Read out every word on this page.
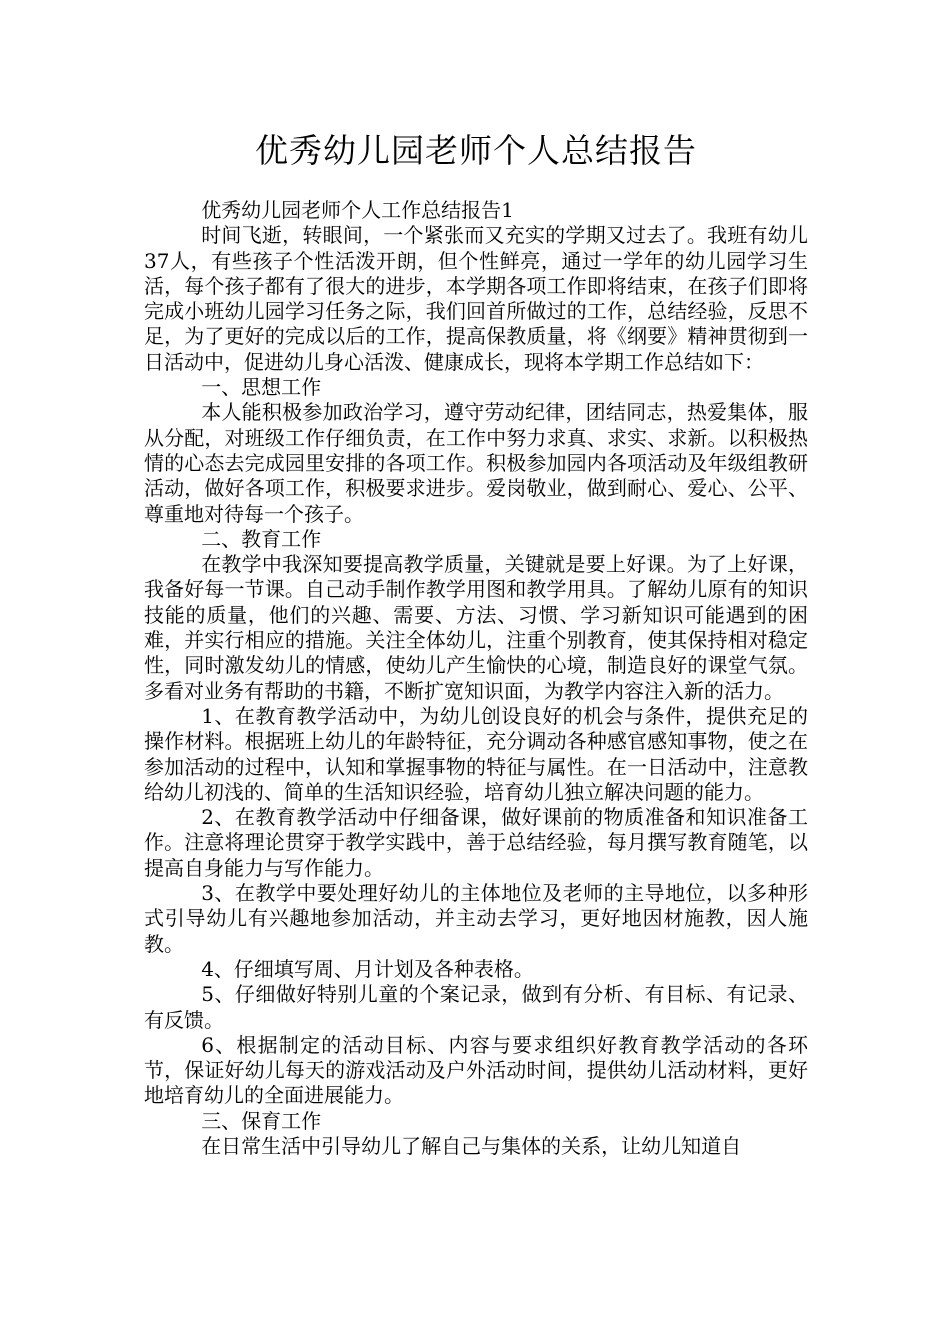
优秀幼儿园老师个人总结报告

优秀幼儿园老师个人工作总结报告1

时间飞逝，转眼间，一个紧张而又充实的学期又过去了。我班有幼儿37人，有些孩子个性活泼开朗，但个性鲜亮，通过一学年的幼儿园学习生活，每个孩子都有了很大的进步，本学期各项工作即将结束，在孩子们即将完成小班幼儿园学习任务之际，我们回首所做过的工作，总结经验，反思不足，为了更好的完成以后的工作，提高保教质量，将《纲要》精神贯彻到一日活动中，促进幼儿身心活泼、健康成长，现将本学期工作总结如下：

一、思想工作

本人能积极参加政治学习，遵守劳动纪律，团结同志，热爱集体，服从分配，对班级工作仔细负责，在工作中努力求真、求实、求新。以积极热情的心态去完成园里安排的各项工作。积极参加园内各项活动及年级组教研活动，做好各项工作，积极要求进步。爱岗敬业，做到耐心、爱心、公平、尊重地对待每一个孩子。

二、教育工作

在教学中我深知要提高教学质量，关键就是要上好课。为了上好课，我备好每一节课。自己动手制作教学用图和教学用具。了解幼儿原有的知识技能的质量，他们的兴趣、需要、方法、习惯、学习新知识可能遇到的困难，并实行相应的措施。关注全体幼儿，注重个别教育，使其保持相对稳定性，同时激发幼儿的情感，使幼儿产生愉快的心境，制造良好的课堂气氛。多看对业务有帮助的书籍，不断扩宽知识面，为教学内容注入新的活力。

1、在教育教学活动中，为幼儿创设良好的机会与条件，提供充足的操作材料。根据班上幼儿的年龄特征，充分调动各种感官感知事物，使之在参加活动的过程中，认知和掌握事物的特征与属性。在一日活动中，注意教给幼儿初浅的、简单的生活知识经验，培育幼儿独立解决问题的能力。

2、在教育教学活动中仔细备课，做好课前的物质准备和知识准备工作。注意将理论贯穿于教学实践中，善于总结经验，每月撰写教育随笔，以提高自身能力与写作能力。

3、在教学中要处理好幼儿的主体地位及老师的主导地位，以多种形式引导幼儿有兴趣地参加活动，并主动去学习，更好地因材施教，因人施教。

4、仔细填写周、月计划及各种表格。

5、仔细做好特别儿童的个案记录，做到有分析、有目标、有记录、有反馈。

6、根据制定的活动目标、内容与要求组织好教育教学活动的各环节，保证好幼儿每天的游戏活动及户外活动时间，提供幼儿活动材料，更好地培育幼儿的全面进展能力。

三、保育工作

在日常生活中引导幼儿了解自己与集体的关系，让幼儿知道自
